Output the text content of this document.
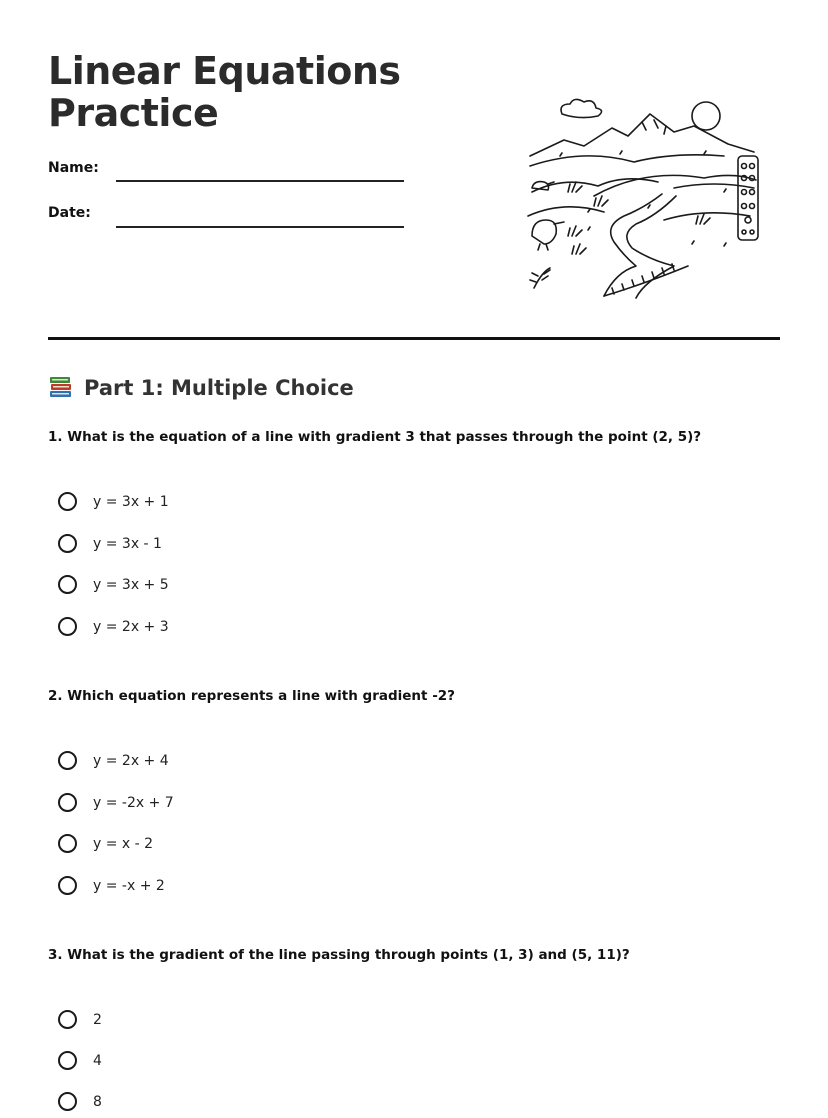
Linear Equations
Practice
Name:
Date:
Part 1: Multiple Choice
1. What is the equation of a line with gradient 3 that passes through the point (2, 5)?
y = 3x + 1
y = 3x - 1
y = 3x + 5
y = 2x + 3
2. Which equation represents a line with gradient -2?
y = 2x + 4
y = -2x + 7
y = x - 2
y = -x + 2
3. What is the gradient of the line passing through points (1, 3) and (5, 11)?
2
4
8
